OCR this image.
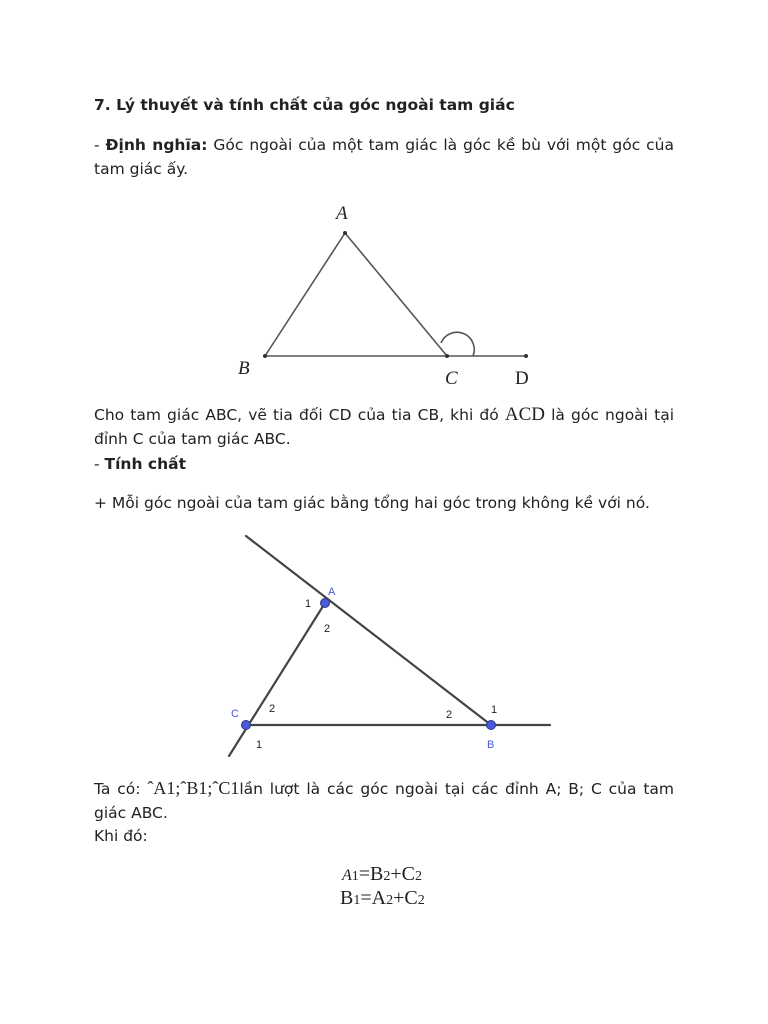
7. Lý thuyết và tính chất của góc ngoài tam giác

- Định nghĩa: Góc ngoài của một tam giác là góc kề bù với một góc của tam giác ấy.

A
B	C	D

Cho tam giác ABC, vẽ tia đối CD của tia CB, khi đó ACD là góc ngoài tại đỉnh C của tam giác ABC.

- Tính chất

+ Mỗi góc ngoài của tam giác bằng tổng hai góc trong không kề với nó.

A
B
C
1
2
1
2
1
2

Ta có: ˆA1;ˆB1;ˆC1lần lượt là các góc ngoài tại các đỉnh A; B; C của tam giác ABC.

Khi đó:

A1=B2+C2
B1=A2+C2
